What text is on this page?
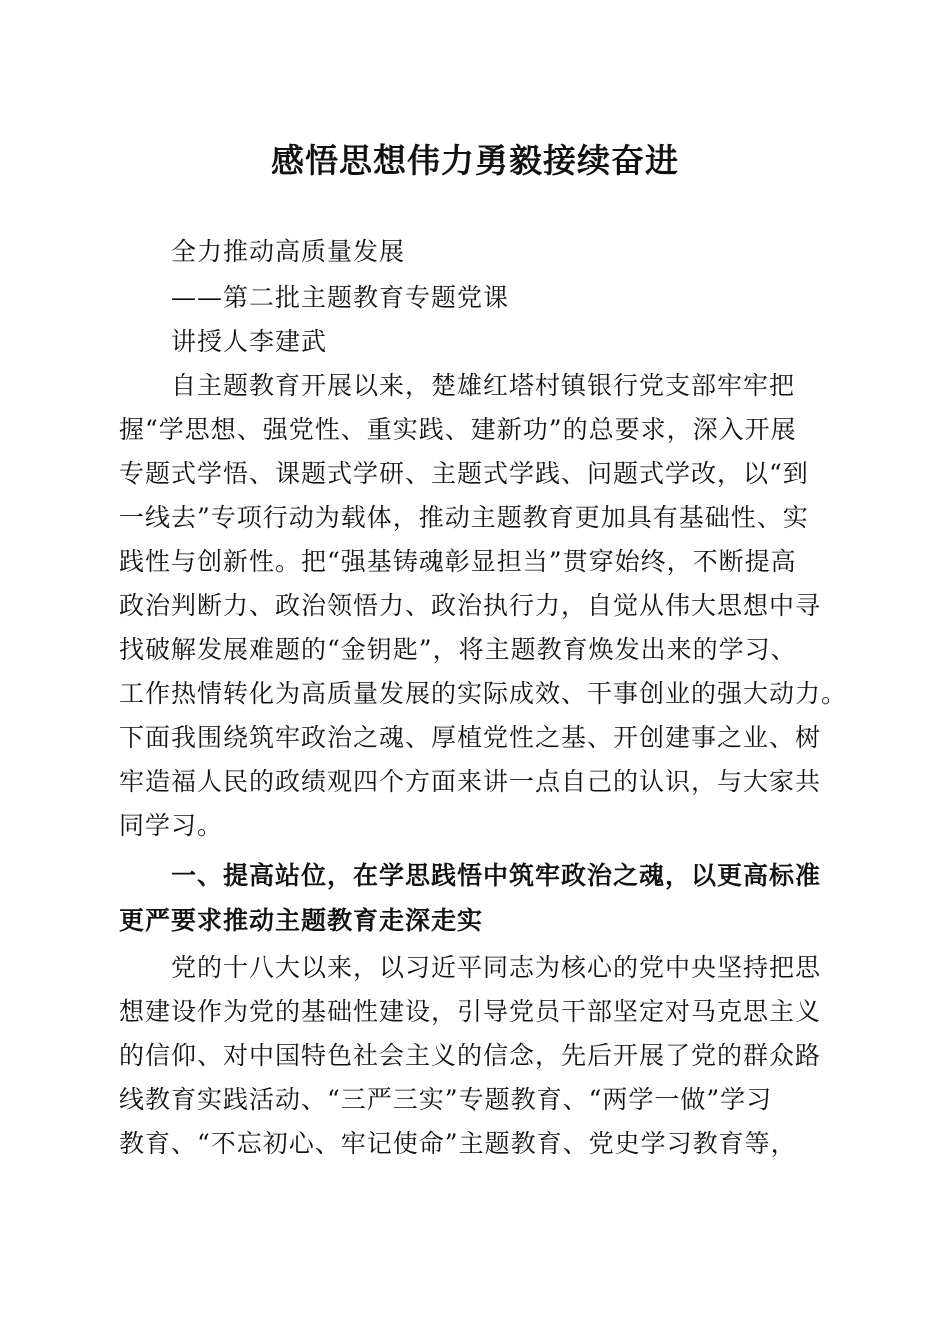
感悟思想伟力勇毅接续奋进
全力推动高质量发展
——第二批主题教育专题党课
讲授人李建武
自主题教育开展以来，楚雄红塔村镇银行党支部牢牢把
握“学思想、强党性、重实践、建新功”的总要求，深入开展
专题式学悟、课题式学研、主题式学践、问题式学改，以“到
一线去”专项行动为载体，推动主题教育更加具有基础性、实
践性与创新性。把“强基铸魂彰显担当”贯穿始终，不断提高
政治判断力、政治领悟力、政治执行力，自觉从伟大思想中寻
找破解发展难题的“金钥匙”，将主题教育焕发出来的学习、
工作热情转化为高质量发展的实际成效、干事创业的强大动力。
下面我围绕筑牢政治之魂、厚植党性之基、开创建事之业、树
牢造福人民的政绩观四个方面来讲一点自己的认识，与大家共
同学习。
一、提高站位，在学思践悟中筑牢政治之魂，以更高标准
更严要求推动主题教育走深走实
党的十八大以来，以习近平同志为核心的党中央坚持把思
想建设作为党的基础性建设，引导党员干部坚定对马克思主义
的信仰、对中国特色社会主义的信念，先后开展了党的群众路
线教育实践活动、“三严三实”专题教育、“两学一做”学习
教育、“不忘初心、牢记使命”主题教育、党史学习教育等，
